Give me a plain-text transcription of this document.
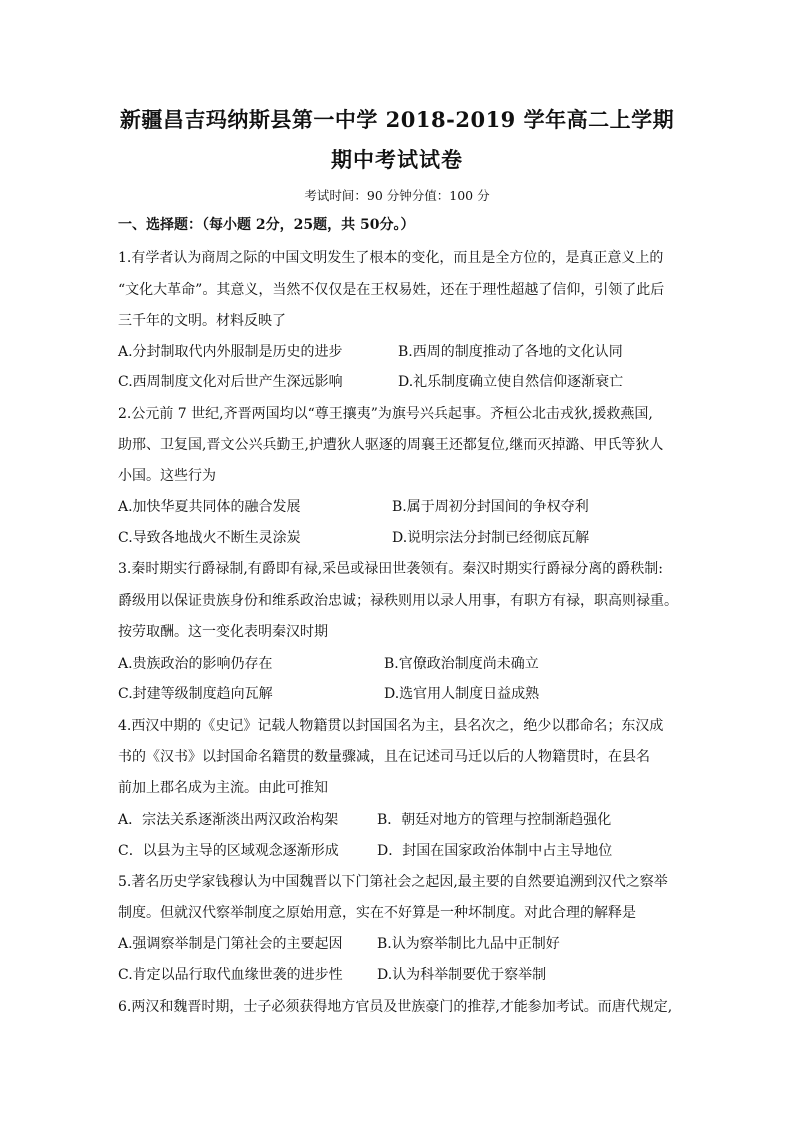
新疆昌吉玛纳斯县第一中学 2018-2019 学年高二上学期
期中考试试卷
考试时间：90 分钟分值：100 分
一、选择题：（每小题 2分，25题，共 50分。）
1.有学者认为商周之际的中国文明发生了根本的变化，而且是全方位的，是真正意义上的
“文化大革命”。其意义，当然不仅仅是在王权易姓，还在于理性超越了信仰，引领了此后
三千年的文明。材料反映了
A.分封制取代内外服制是历史的进步	B.西周的制度推动了各地的文化认同
C.西周制度文化对后世产生深远影响	D.礼乐制度确立使自然信仰逐渐衰亡
2.公元前 7 世纪,齐晋两国均以“尊王攘夷”为旗号兴兵起事。齐桓公北击戎狄,援救燕国,
助邢、卫复国,晋文公兴兵勤王,护遭狄人驱逐的周襄王还都复位,继而灭掉潞、甲氏等狄人
小国。这些行为
A.加快华夏共同体的融合发展	B.属于周初分封国间的争权夺利
C.导致各地战火不断生灵涂炭	D.说明宗法分封制已经彻底瓦解
3.秦时期实行爵禄制,有爵即有禄,采邑或禄田世袭领有。秦汉时期实行爵禄分离的爵秩制:
爵级用以保证贵族身份和维系政治忠诚；禄秩则用以录人用事，有职方有禄，职高则禄重。
按劳取酬。这一变化表明秦汉时期
A.贵族政治的影响仍存在	B.官僚政治制度尚未确立
C.封建等级制度趋向瓦解	D.选官用人制度日益成熟
4.西汉中期的《史记》记载人物籍贯以封国国名为主，县名次之，绝少以郡命名；东汉成
书的《汉书》以封国命名籍贯的数量骤减，且在记述司马迁以后的人物籍贯时，在县名
前加上郡名成为主流。由此可推知
A．宗法关系逐渐淡出两汉政治构架	B．朝廷对地方的管理与控制渐趋强化
C．以县为主导的区域观念逐渐形成	D．封国在国家政治体制中占主导地位
5.著名历史学家钱穆认为中国魏晋以下门第社会之起因,最主要的自然要追溯到汉代之察举
制度。但就汉代察举制度之原始用意，实在不好算是一种坏制度。对此合理的解释是
A.强调察举制是门第社会的主要起因 B.认为察举制比九品中正制好
C.肯定以品行取代血缘世袭的进步性 D.认为科举制要优于察举制
6.两汉和魏晋时期，士子必须获得地方官员及世族豪门的推荐,才能参加考试。而唐代规定,
